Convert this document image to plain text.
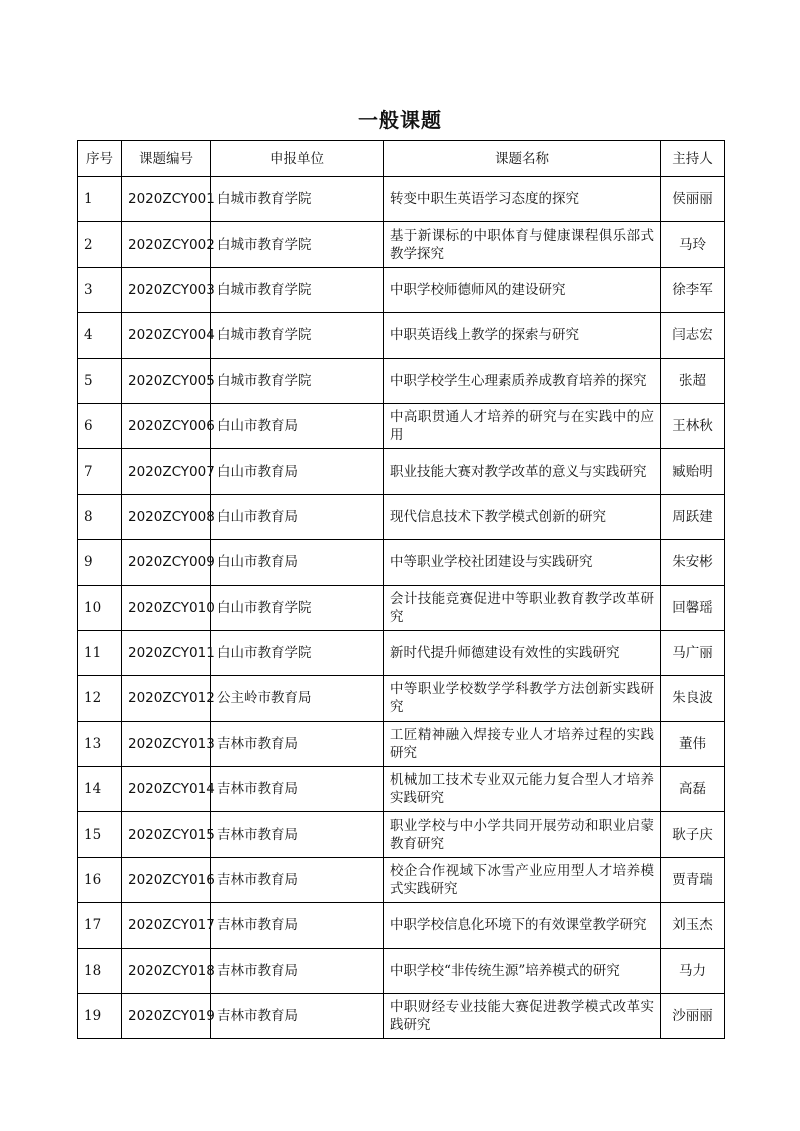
一般课题
序号	课题编号	申报单位	课题名称	主持人
1	2020ZCY001	白城市教育学院	转变中职生英语学习态度的探究	侯丽丽
2	2020ZCY002	白城市教育学院	基于新课标的中职体育与健康课程俱乐部式教学探究	马玲
3	2020ZCY003	白城市教育学院	中职学校师德师风的建设研究	徐李军
4	2020ZCY004	白城市教育学院	中职英语线上教学的探索与研究	闫志宏
5	2020ZCY005	白城市教育学院	中职学校学生心理素质养成教育培养的探究	张超
6	2020ZCY006	白山市教育局	中高职贯通人才培养的研究与在实践中的应用	王林秋
7	2020ZCY007	白山市教育局	职业技能大赛对教学改革的意义与实践研究	臧贻明
8	2020ZCY008	白山市教育局	现代信息技术下教学模式创新的研究	周跃建
9	2020ZCY009	白山市教育局	中等职业学校社团建设与实践研究	朱安彬
10	2020ZCY010	白山市教育学院	会计技能竞赛促进中等职业教育教学改革研究	回馨瑶
11	2020ZCY011	白山市教育学院	新时代提升师德建设有效性的实践研究	马广丽
12	2020ZCY012	公主岭市教育局	中等职业学校数学学科教学方法创新实践研究	朱良波
13	2020ZCY013	吉林市教育局	工匠精神融入焊接专业人才培养过程的实践研究	董伟
14	2020ZCY014	吉林市教育局	机械加工技术专业双元能力复合型人才培养实践研究	高磊
15	2020ZCY015	吉林市教育局	职业学校与中小学共同开展劳动和职业启蒙教育研究	耿子庆
16	2020ZCY016	吉林市教育局	校企合作视域下冰雪产业应用型人才培养模式实践研究	贾青瑞
17	2020ZCY017	吉林市教育局	中职学校信息化环境下的有效课堂教学研究	刘玉杰
18	2020ZCY018	吉林市教育局	中职学校“非传统生源”培养模式的研究	马力
19	2020ZCY019	吉林市教育局	中职财经专业技能大赛促进教学模式改革实践研究	沙丽丽
